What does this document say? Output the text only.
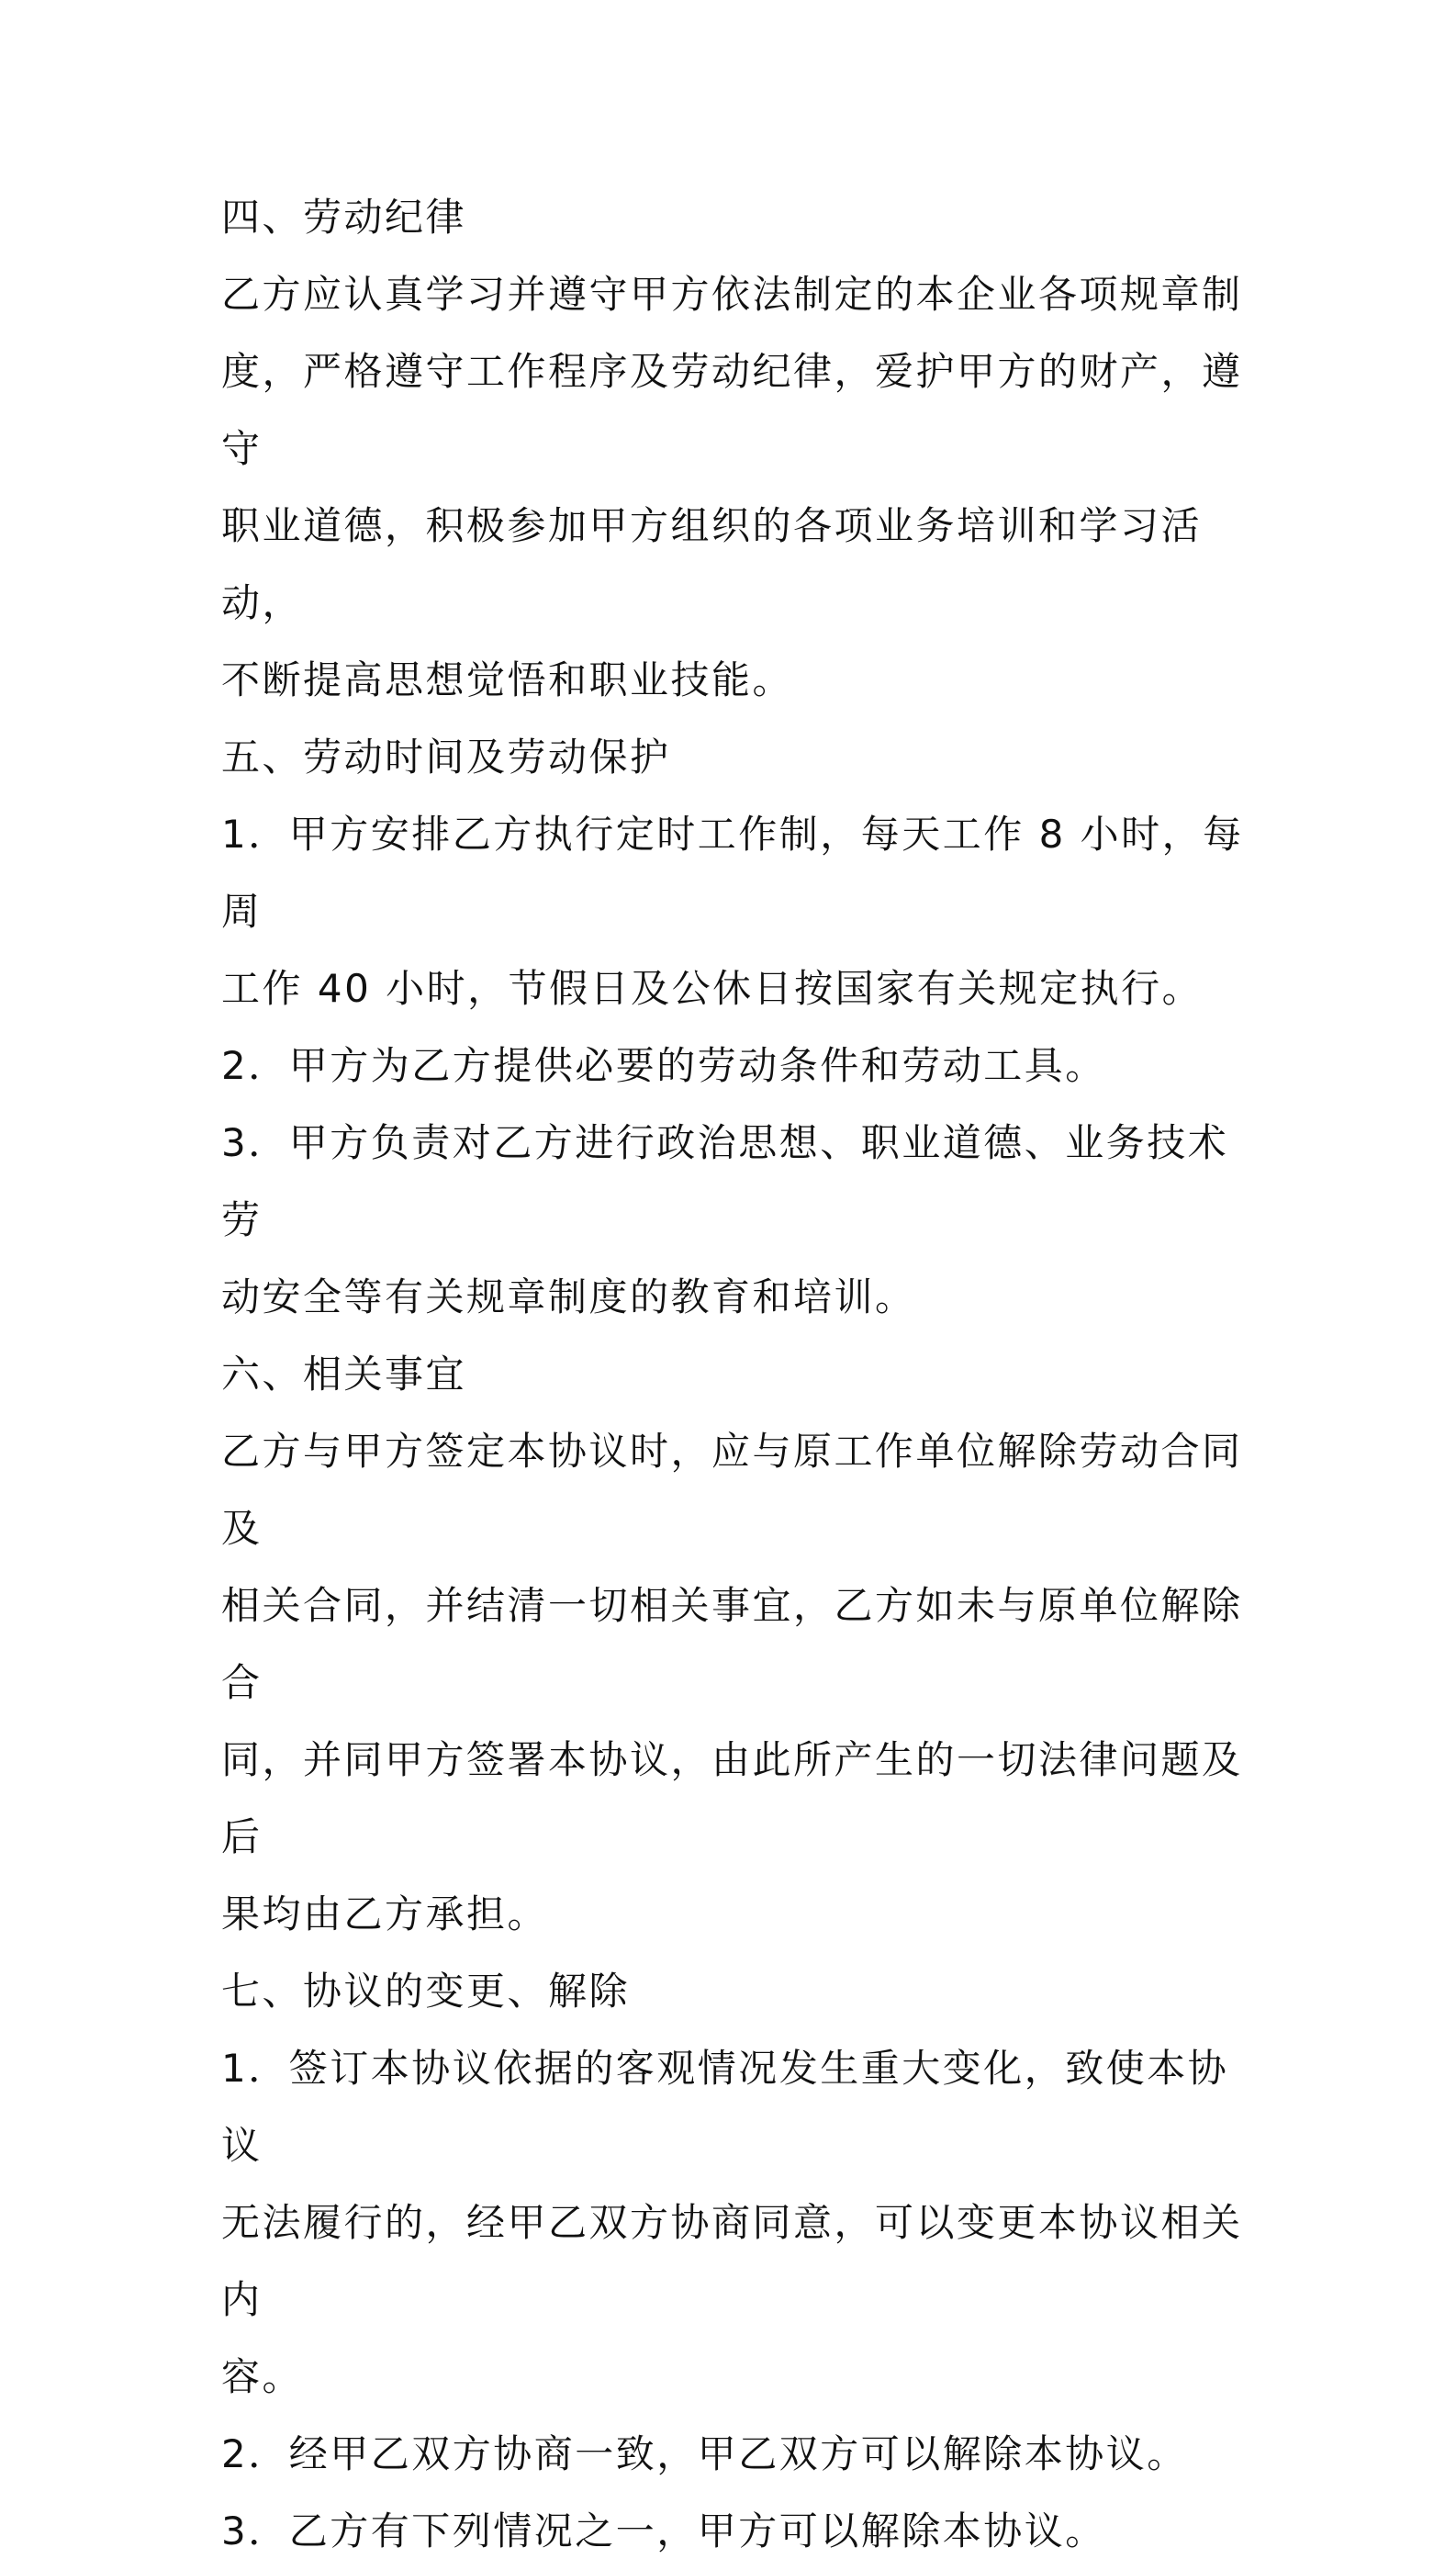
四、劳动纪律

乙方应认真学习并遵守甲方依法制定的本企业各项规章制

度，严格遵守工作程序及劳动纪律，爱护甲方的财产，遵守

职业道德，积极参加甲方组织的各项业务培训和学习活动，

不断提高思想觉悟和职业技能。

五、劳动时间及劳动保护

1．甲方安排乙方执行定时工作制，每天工作 8 小时，每周

工作 40 小时，节假日及公休日按国家有关规定执行。

2．甲方为乙方提供必要的劳动条件和劳动工具。

3．甲方负责对乙方进行政治思想、职业道德、业务技术劳

动安全等有关规章制度的教育和培训。

六、相关事宜

乙方与甲方签定本协议时，应与原工作单位解除劳动合同及

相关合同，并结清一切相关事宜，乙方如未与原单位解除合

同，并同甲方签署本协议，由此所产生的一切法律问题及后

果均由乙方承担。

七、协议的变更、解除

1．签订本协议依据的客观情况发生重大变化，致使本协议

无法履行的，经甲乙双方协商同意，可以变更本协议相关内

容。

2．经甲乙双方协商一致，甲乙双方可以解除本协议。

3．乙方有下列情况之一，甲方可以解除本协议。
